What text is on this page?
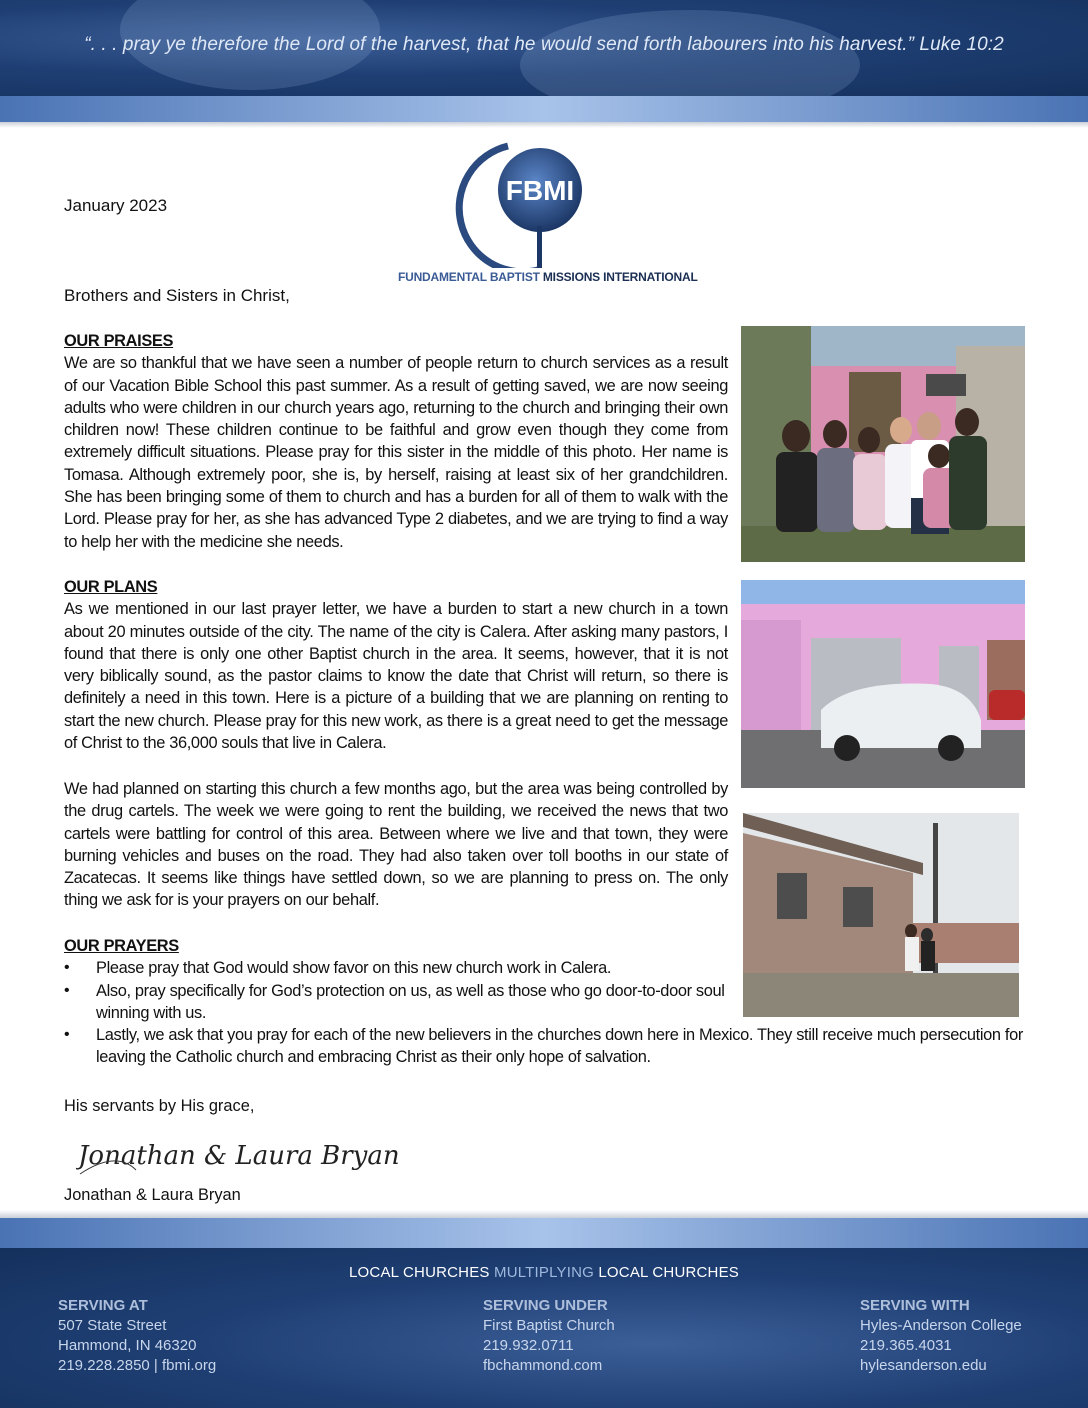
“. . . pray ye therefore the Lord of the harvest, that he would send forth labourers into his harvest.” Luke 10:2
FBMI
FUNDAMENTAL BAPTIST MISSIONS INTERNATIONAL
January 2023
Brothers and Sisters in Christ,
OUR PRAISES

We are so thankful that we have seen a number of people return to church services as a result of our Vacation Bible School this past summer. As a result of getting saved, we are now seeing adults who were children in our church years ago, returning to the church and bringing their own children now! These children continue to be faithful and grow even though they come from extremely difficult situations. Please pray for this sister in the middle of this photo. Her name is Tomasa. Although extremely poor, she is, by herself, raising at least six of her grandchildren. She has been bringing some of them to church and has a burden for all of them to walk with the Lord. Please pray for her, as she has advanced Type 2 diabetes, and we are trying to find a way to help her with the medicine she needs.

OUR PLANS

As we mentioned in our last prayer letter, we have a burden to start a new church in a town about 20 minutes outside of the city. The name of the city is Calera. After asking many pastors, I found that there is only one other Baptist church in the area. It seems, however, that it is not very biblically sound, as the pastor claims to know the date that Christ will return, so there is definitely a need in this town. Here is a picture of a building that we are planning on renting to start the new church. Please pray for this new work, as there is a great need to get the message of Christ to the 36,000 souls that live in Calera.

We had planned on starting this church a few months ago, but the area was being controlled by the drug cartels. The week we were going to rent the building, we received the news that two cartels were battling for control of this area. Between where we live and that town, they were burning vehicles and buses on the road. They had also taken over toll booths in our state of Zacatecas. It seems like things have settled down, so we are planning to press on. The only thing we ask for is your prayers on our behalf.

OUR PRAYERS
• Please pray that God would show favor on this new church work in Calera.
• Also, pray specifically for God’s protection on us, as well as those who go door-to-door soul winning with us.
• Lastly, we ask that you pray for each of the new believers in the churches down here in Mexico. They still receive much persecution for leaving the Catholic church and embracing Christ as their only hope of salvation.
His servants by His grace,
Jonathan & Laura Bryan
Jonathan & Laura Bryan
LOCAL CHURCHES MULTIPLYING LOCAL CHURCHES
SERVING AT
507 State Street
Hammond, IN 46320
219.228.2850 | fbmi.org
SERVING UNDER
First Baptist Church
219.932.0711
fbchammond.com
SERVING WITH
Hyles-Anderson College
219.365.4031
hylesanderson.edu
